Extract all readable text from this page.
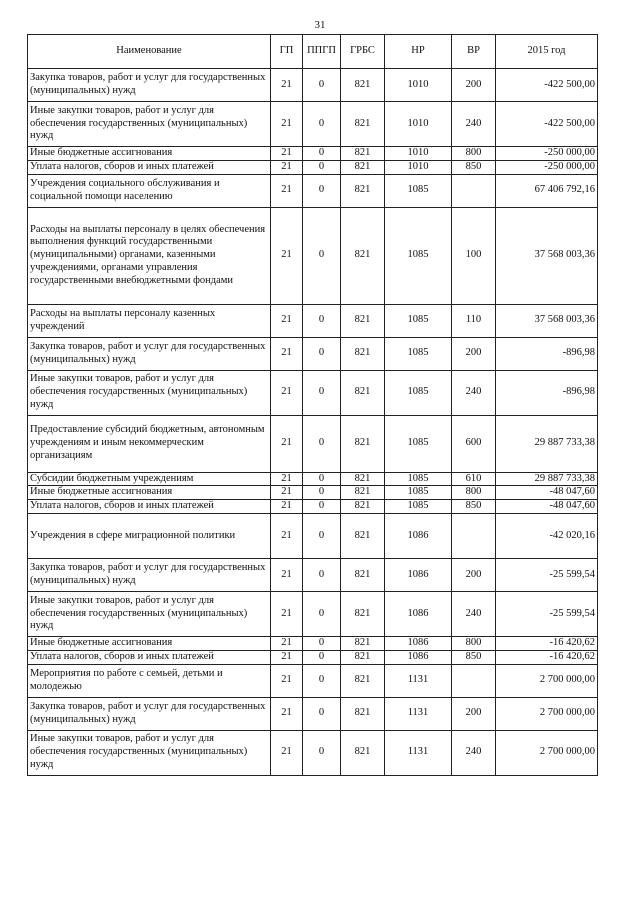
31
Наименование	ГП	ППГП	ГРБС	НР	ВР	2015 год
Закупка товаров, работ и услуг для государственных (муниципальных) нужд	21	0	821	1010	200	-422 500,00
Иные закупки товаров, работ и услуг для обеспечения государственных (муниципальных) нужд	21	0	821	1010	240	-422 500,00
Иные бюджетные ассигнования	21	0	821	1010	800	-250 000,00
Уплата налогов, сборов и иных платежей	21	0	821	1010	850	-250 000,00
Учреждения социального обслуживания и социальной помощи населению	21	0	821	1085		67 406 792,16
Расходы на выплаты персоналу в целях обеспечения выполнения функций государственными (муниципальными) органами, казенными учреждениями, органами управления государственными внебюджетными фондами	21	0	821	1085	100	37 568 003,36
Расходы на выплаты персоналу казенных учреждений	21	0	821	1085	110	37 568 003,36
Закупка товаров, работ и услуг для государственных (муниципальных) нужд	21	0	821	1085	200	-896,98
Иные закупки товаров, работ и услуг для обеспечения государственных (муниципальных) нужд	21	0	821	1085	240	-896,98
Предоставление субсидий бюджетным, автономным учреждениям и иным некоммерческим организациям	21	0	821	1085	600	29 887 733,38
Субсидии бюджетным учреждениям	21	0	821	1085	610	29 887 733,38
Иные бюджетные ассигнования	21	0	821	1085	800	-48 047,60
Уплата налогов, сборов и иных платежей	21	0	821	1085	850	-48 047,60
Учреждения в сфере миграционной политики	21	0	821	1086		-42 020,16
Закупка товаров, работ и услуг для государственных (муниципальных) нужд	21	0	821	1086	200	-25 599,54
Иные закупки товаров, работ и услуг для обеспечения государственных (муниципальных) нужд	21	0	821	1086	240	-25 599,54
Иные бюджетные ассигнования	21	0	821	1086	800	-16 420,62
Уплата налогов, сборов и иных платежей	21	0	821	1086	850	-16 420,62
Мероприятия по работе с семьей, детьми и молодежью	21	0	821	1131		2 700 000,00
Закупка товаров, работ и услуг для государственных (муниципальных) нужд	21	0	821	1131	200	2 700 000,00
Иные закупки товаров, работ и услуг для обеспечения государственных (муниципальных) нужд	21	0	821	1131	240	2 700 000,00
